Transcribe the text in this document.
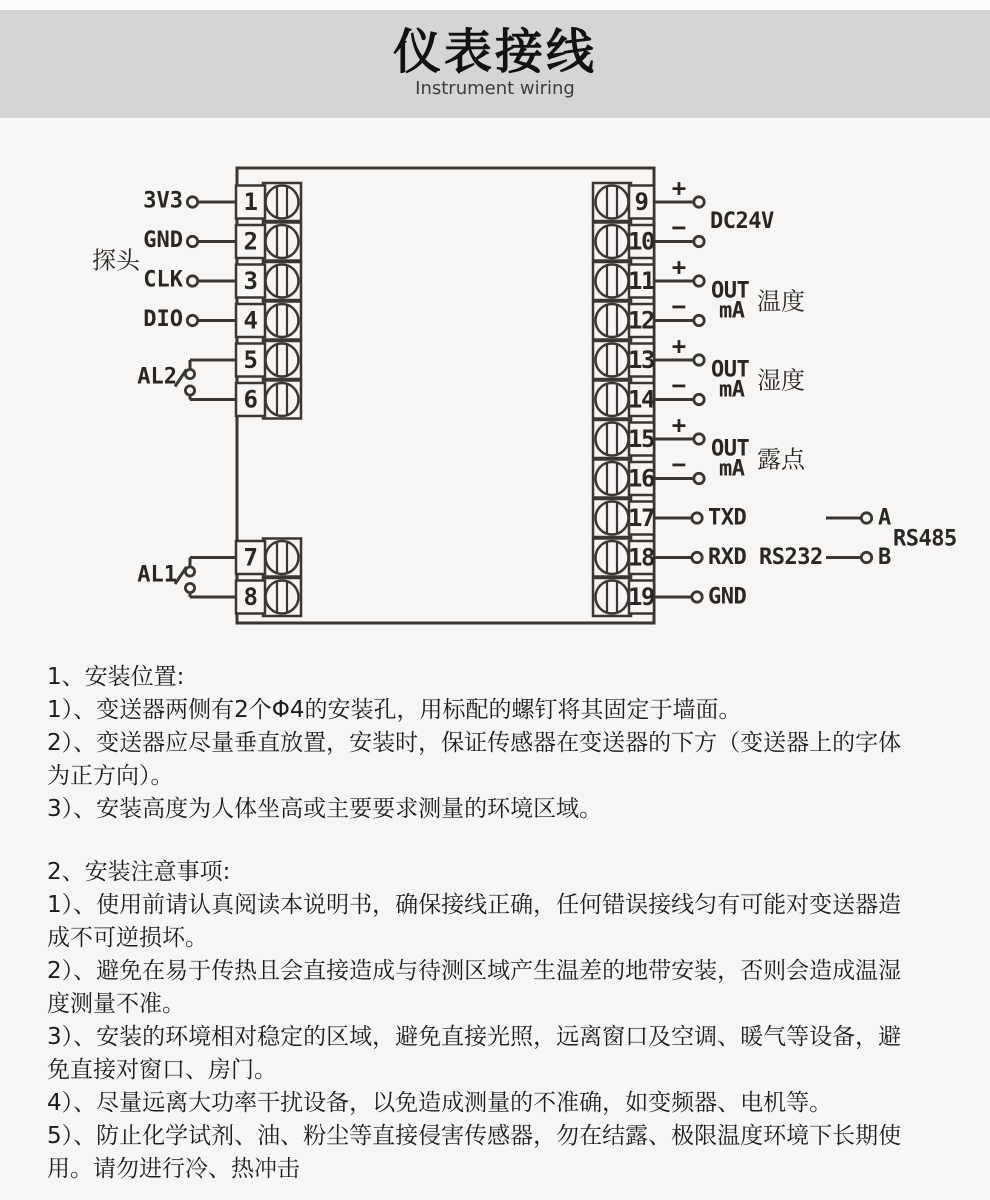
仪表接线
Instrument wiring
1
2
3
4
5
6
7
8
9
10
11
12
13
14
15
16
17
18
19
3V3
GND
CLK
DIO
探头
AL2
AL1
+
−
+
−
+
−
+
−
DC24V
OUT
mA 温度
OUT
mA 湿度
OUT
mA 露点
TXD
RXD RS232
GND
A
B
RS485
1、安装位置:
1）、变送器两侧有2个Φ4的安装孔，用标配的螺钉将其固定于墙面。
2）、变送器应尽量垂直放置，安装时，保证传感器在变送器的下方（变送器上的字体
为正方向）。
3）、安装高度为人体坐高或主要要求测量的环境区域。
2、安装注意事项:
1）、使用前请认真阅读本说明书，确保接线正确，任何错误接线匀有可能对变送器造
成不可逆损坏。
2）、避免在易于传热且会直接造成与待测区域产生温差的地带安装，否则会造成温湿
度测量不准。
3）、安装的环境相对稳定的区域，避免直接光照，远离窗口及空调、暖气等设备，避
免直接对窗口、房门。
4）、尽量远离大功率干扰设备，以免造成测量的不准确，如变频器、电机等。
5）、防止化学试剂、油、粉尘等直接侵害传感器，勿在结露、极限温度环境下长期使
用。请勿进行冷、热冲击
